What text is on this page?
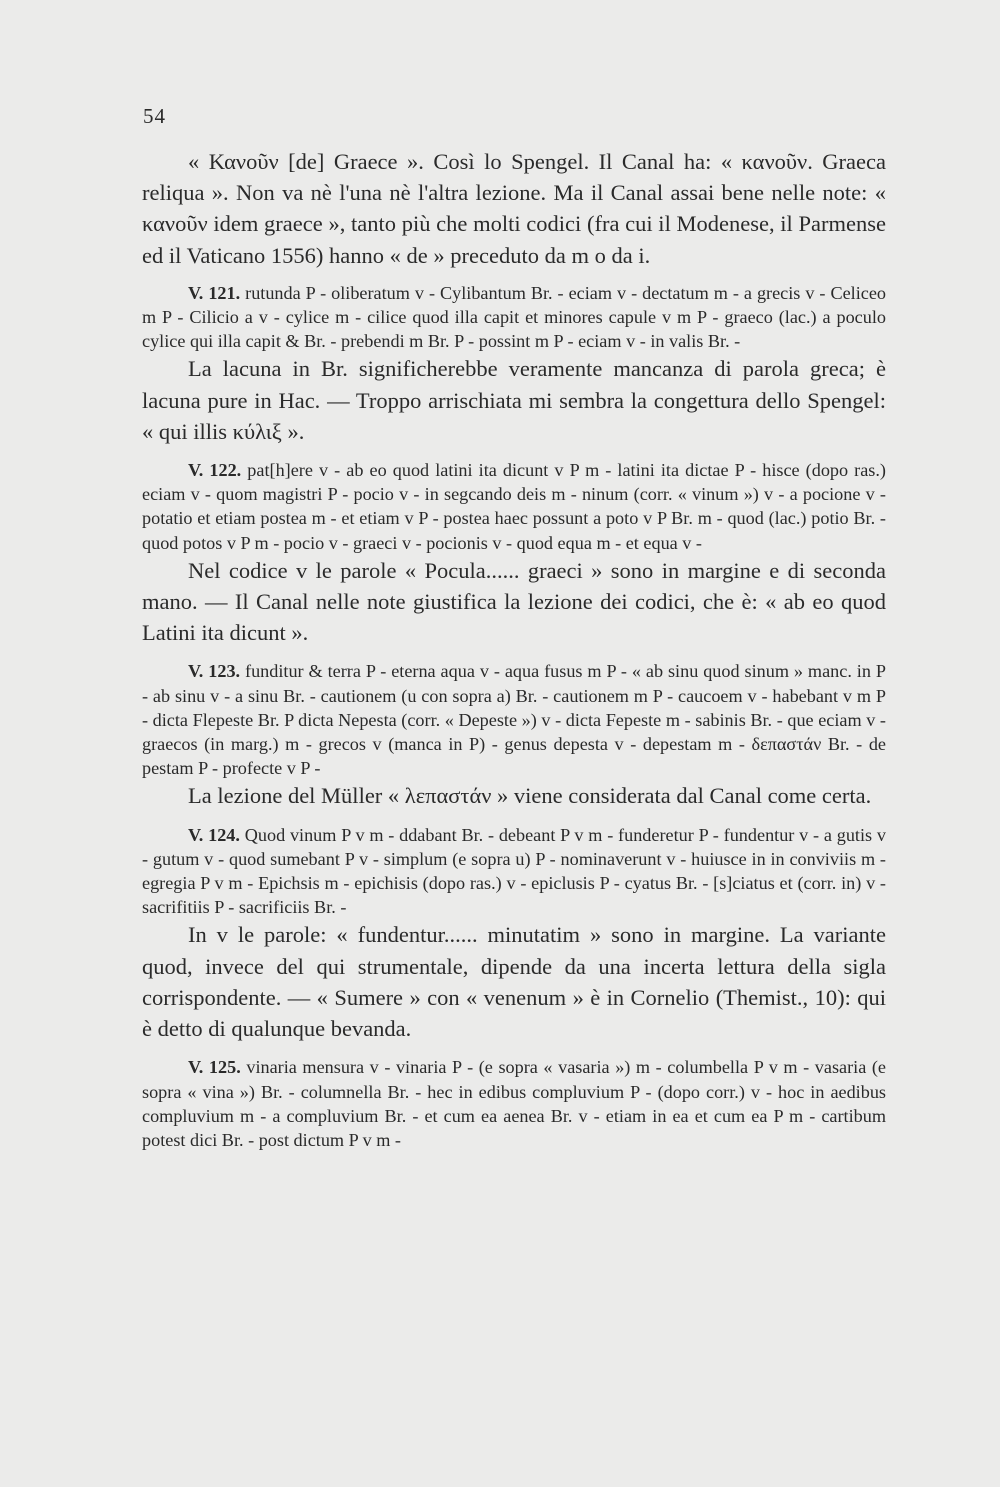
54

« Κανοῦν [de] Graece ». Così lo Spengel. Il Canal ha: « κανοῦν. Graeca reliqua ». Non va nè l'una nè l'altra lezione. Ma il Canal assai bene nelle note: « κανοῦν idem graece », tanto più che molti codici (fra cui il Modenese, il Parmense ed il Vaticano 1556) hanno « de » preceduto da m o da i.

V. 121. rutunda P - oliberatum v - Cylibantum Br. - eciam v - dectatum m - a grecis v - Celiceo m P - Cilicio a v - cylice m - cilice quod illa capit et minores capule v m P - graeco (lac.) a poculo cylice qui illa capit & Br. - prebendi m Br. P - possint m P - eciam v - in valis Br. -

La lacuna in Br. significherebbe veramente mancanza di parola greca; è lacuna pure in Hac. — Troppo arrischiata mi sembra la congettura dello Spengel: « qui illis κύλιξ ».

V. 122. pat[h]ere v - ab eo quod latini ita dicunt v P m - latini ita dictae P - hisce (dopo ras.) eciam v - quom magistri P - pocio v - in segcando deis m - ninum (corr. « vinum ») v - a pocione v - potatio et etiam postea m - et etiam v P - postea haec possunt a poto v P Br. m - quod (lac.) potio Br. - quod potos v P m - pocio v - graeci v - pocionis v - quod equa m - et equa v -

Nel codice v le parole « Pocula...... graeci » sono in margine e di seconda mano. — Il Canal nelle note giustifica la lezione dei codici, che è: « ab eo quod Latini ita dicunt ».

V. 123. funditur & terra P - eterna aqua v - aqua fusus m P - « ab sinu quod sinum » manc. in P - ab sinu v - a sinu Br. - cautionem (u con sopra a) Br. - cautionem m P - caucoem v - habebant v m P - dicta Flepeste Br. P dicta Nepesta (corr. « Depeste ») v - dicta Fepeste m - sabinis Br. - que eciam v - graecos (in marg.) m - grecos v (manca in P) - genus depesta v - depestam m - δεπαστάν Br. - de pestam P - profecte v P -

La lezione del Müller « λεπαστάν » viene considerata dal Canal come certa.

V. 124. Quod vinum P v m - ddabant Br. - debeant P v m - funderetur P - fundentur v - a gutis v - gutum v - quod sumebant P v - simplum (e sopra u) P - nominaverunt v - huiusce in in conviviis m - egregia P v m - Epichsis m - epichisis (dopo ras.) v - epiclusis P - cyatus Br. - [s]ciatus et (corr. in) v - sacrifitiis P - sacrificiis Br. -

In v le parole: « fundentur...... minutatim » sono in margine. La variante quod, invece del qui strumentale, dipende da una incerta lettura della sigla corrispondente. — « Sumere » con « venenum » è in Cornelio (Themist., 10): qui è detto di qualunque bevanda.

V. 125. vinaria mensura v - vinaria P - (e sopra « vasaria ») m - columbella P v m - vasaria (e sopra « vina ») Br. - columnella Br. - hec in edibus compluvium P - (dopo corr.) v - hoc in aedibus compluvium m - a compluvium Br. - et cum ea aenea Br. v - etiam in ea et cum ea P m - cartibum potest dici Br. - post dictum P v m -
